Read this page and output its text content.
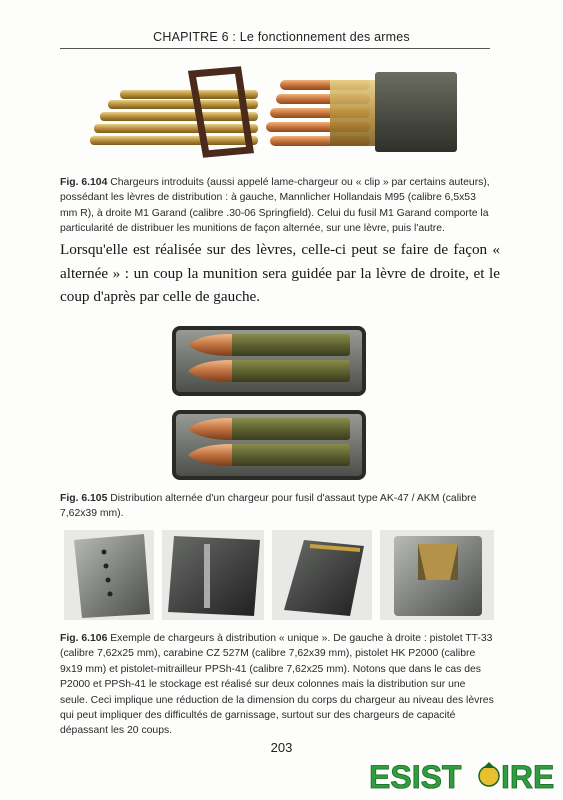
CHAPITRE 6 : Le fonctionnement des armes
Fig. 6.104 Chargeurs introduits (aussi appelé lame-chargeur ou « clip » par certains auteurs), possédant les lèvres de distribution : à gauche, Mannlicher Hollandais M95 (calibre 6,5x53 mm R), à droite M1 Garand (calibre .30-06 Springfield). Celui du fusil M1 Garand comporte la particularité de distribuer les munitions de façon alternée, sur une lèvre, puis l'autre.
Lorsqu'elle est réalisée sur des lèvres, celle-ci peut se faire de façon « alternée » : un coup la munition sera guidée par la lèvre de droite, et le coup d'après par celle de gauche.
Fig. 6.105 Distribution alternée d'un chargeur pour fusil d'assaut type AK-47 / AKM (calibre 7,62x39 mm).
Fig. 6.106 Exemple de chargeurs à distribution « unique ». De gauche à droite : pistolet TT-33 (calibre 7,62x25 mm), carabine CZ 527M (calibre 7,62x39 mm), pistolet HK P2000 (calibre 9x19 mm) et pistolet-mitrailleur PPSh-41 (calibre 7,62x25 mm). Notons que dans le cas des P2000 et PPSh-41 le stockage est réalisé sur deux colonnes mais la distribution sur une seule. Ceci implique une réduction de la dimension du corps du chargeur au niveau des lèvres qui peut impliquer des difficultés de garnissage, surtout sur des chargeurs de capacité dépassant les 20 coups.
203
ESIST IRE
